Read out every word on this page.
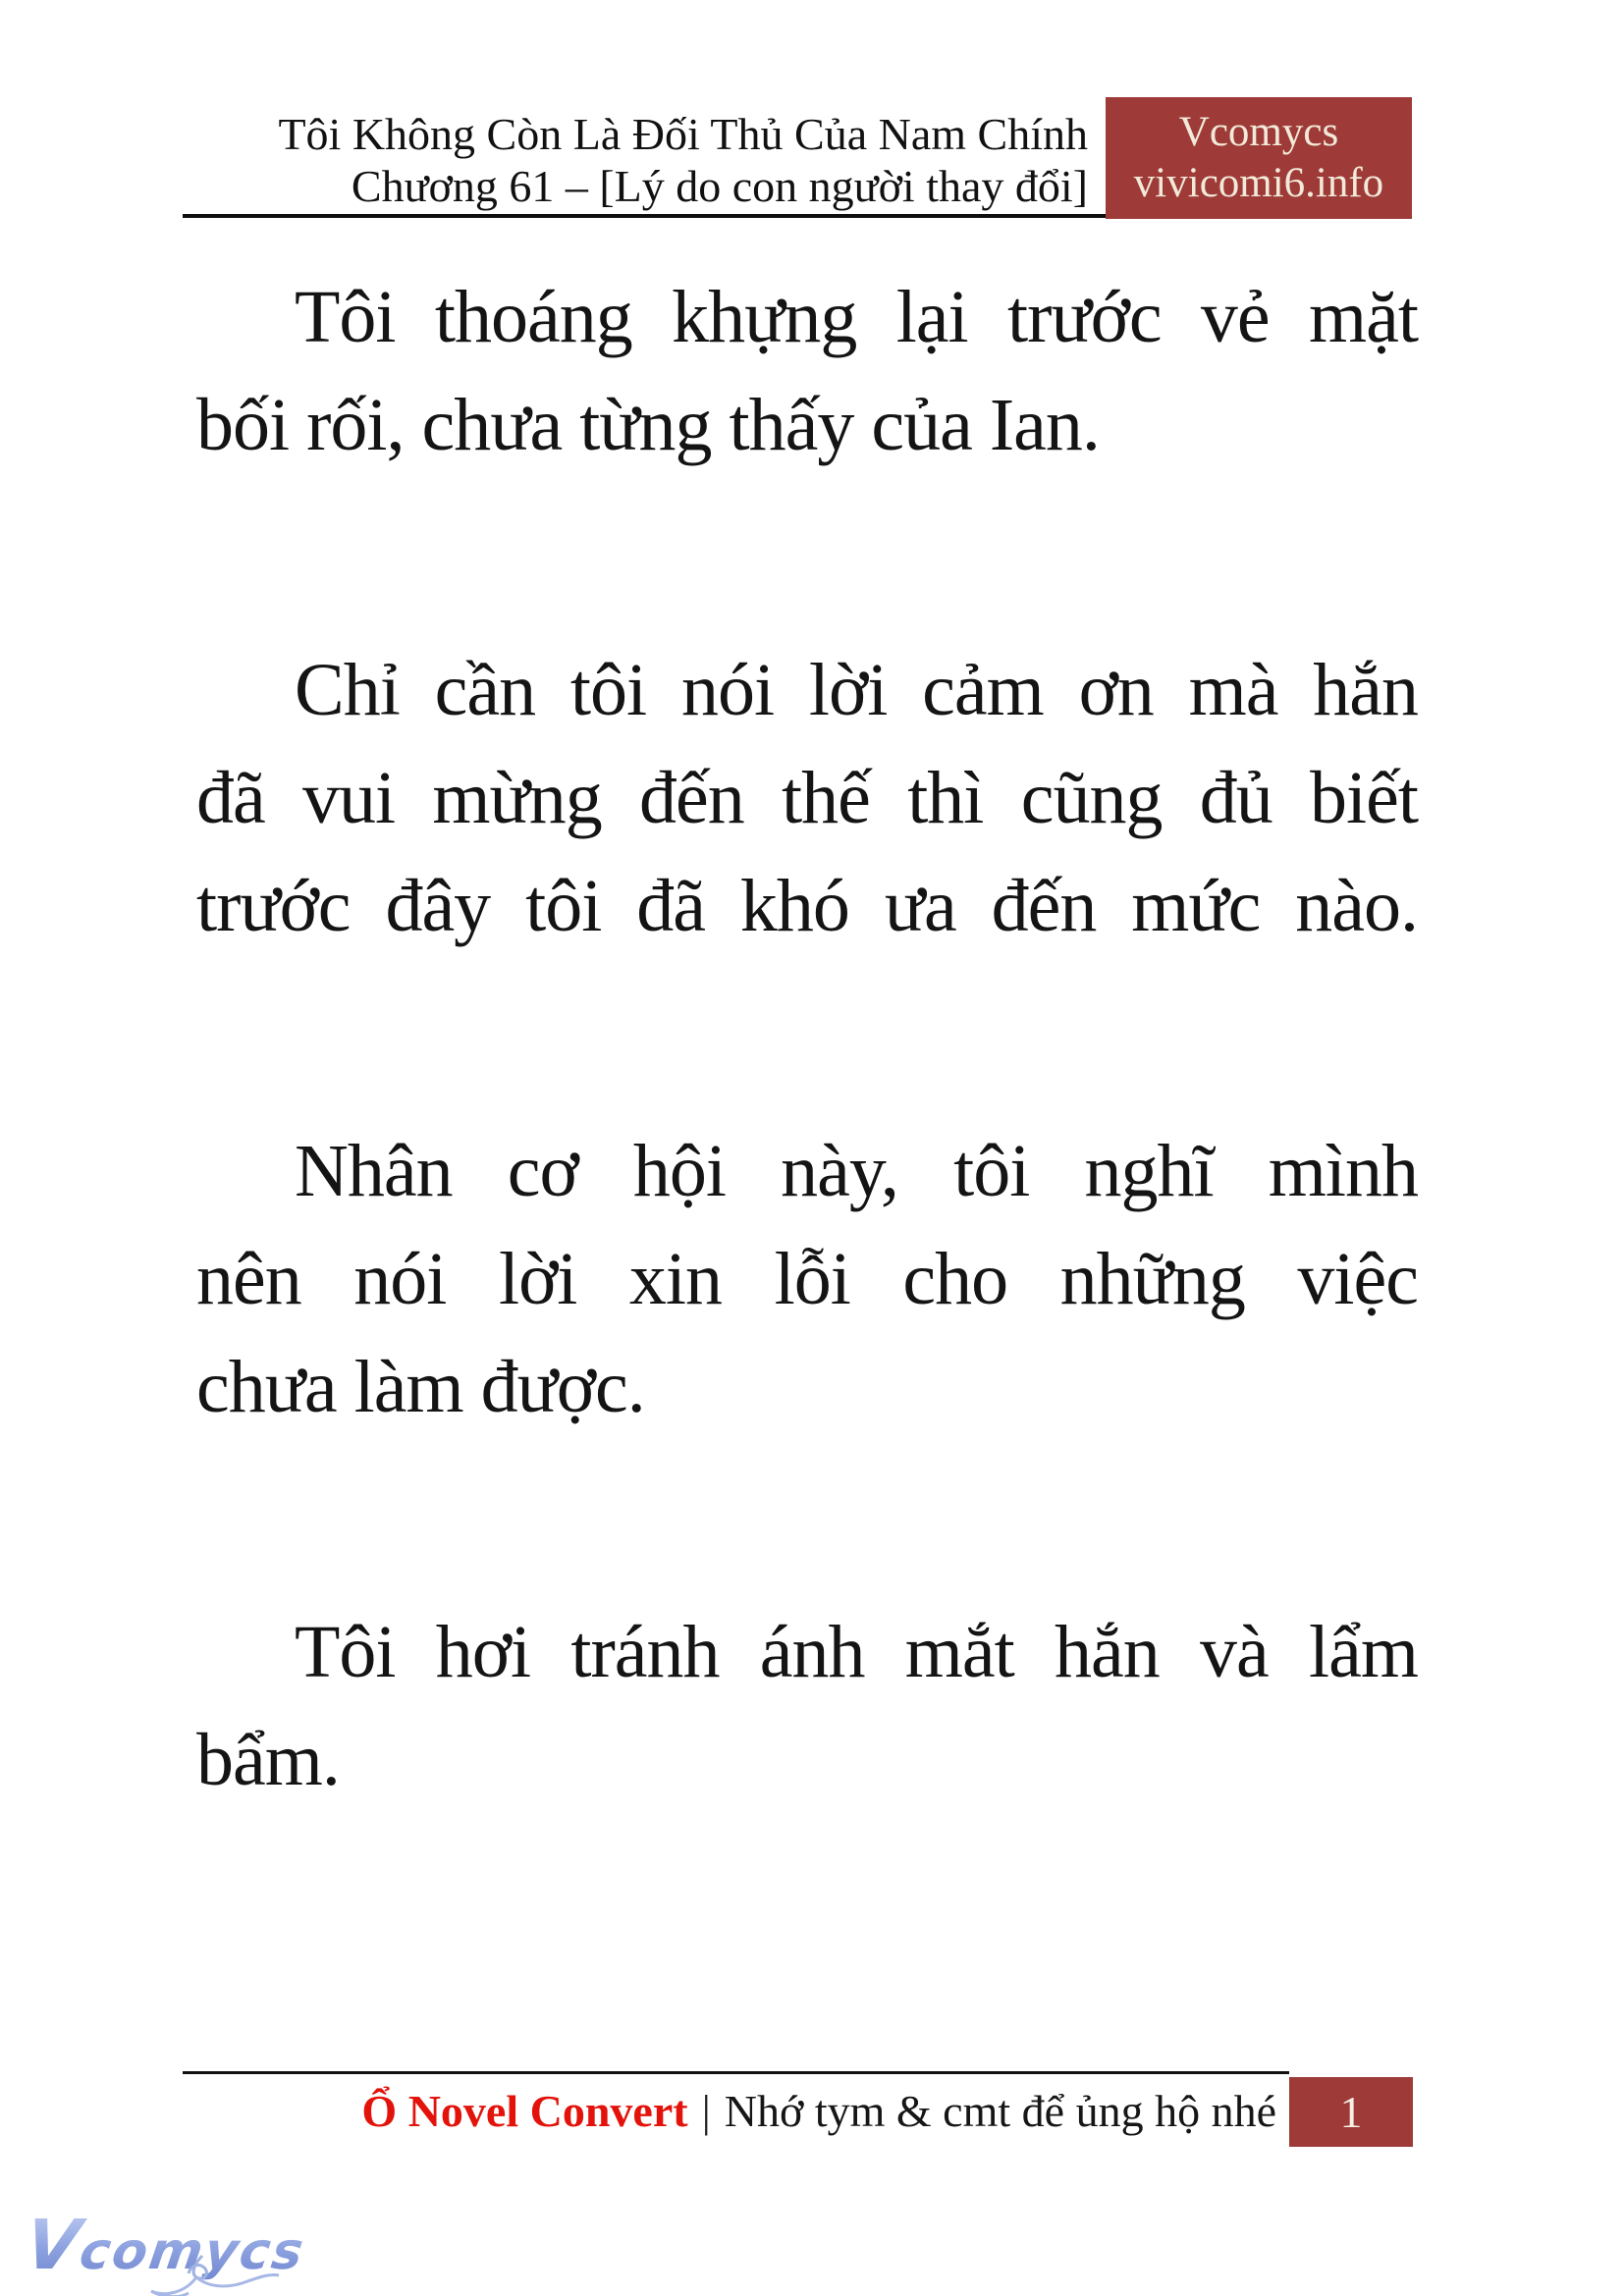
Tôi Không Còn Là Đối Thủ Của Nam Chính
Chương 61 – [Lý do con người thay đổi]
Vcomycs
vivicomi6.info

Tôi thoáng khựng lại trước vẻ mặt
bối rối, chưa từng thấy của Ian.

Chỉ cần tôi nói lời cảm ơn mà hắn
đã vui mừng đến thế thì cũng đủ biết
trước đây tôi đã khó ưa đến mức nào.

Nhân cơ hội này, tôi nghĩ mình
nên nói lời xin lỗi cho những việc
chưa làm được.

Tôi hơi tránh ánh mắt hắn và lẩm
bẩm.

Ổ Novel Convert | Nhớ tym & cmt để ủng hộ nhé 1
Vcomycs
